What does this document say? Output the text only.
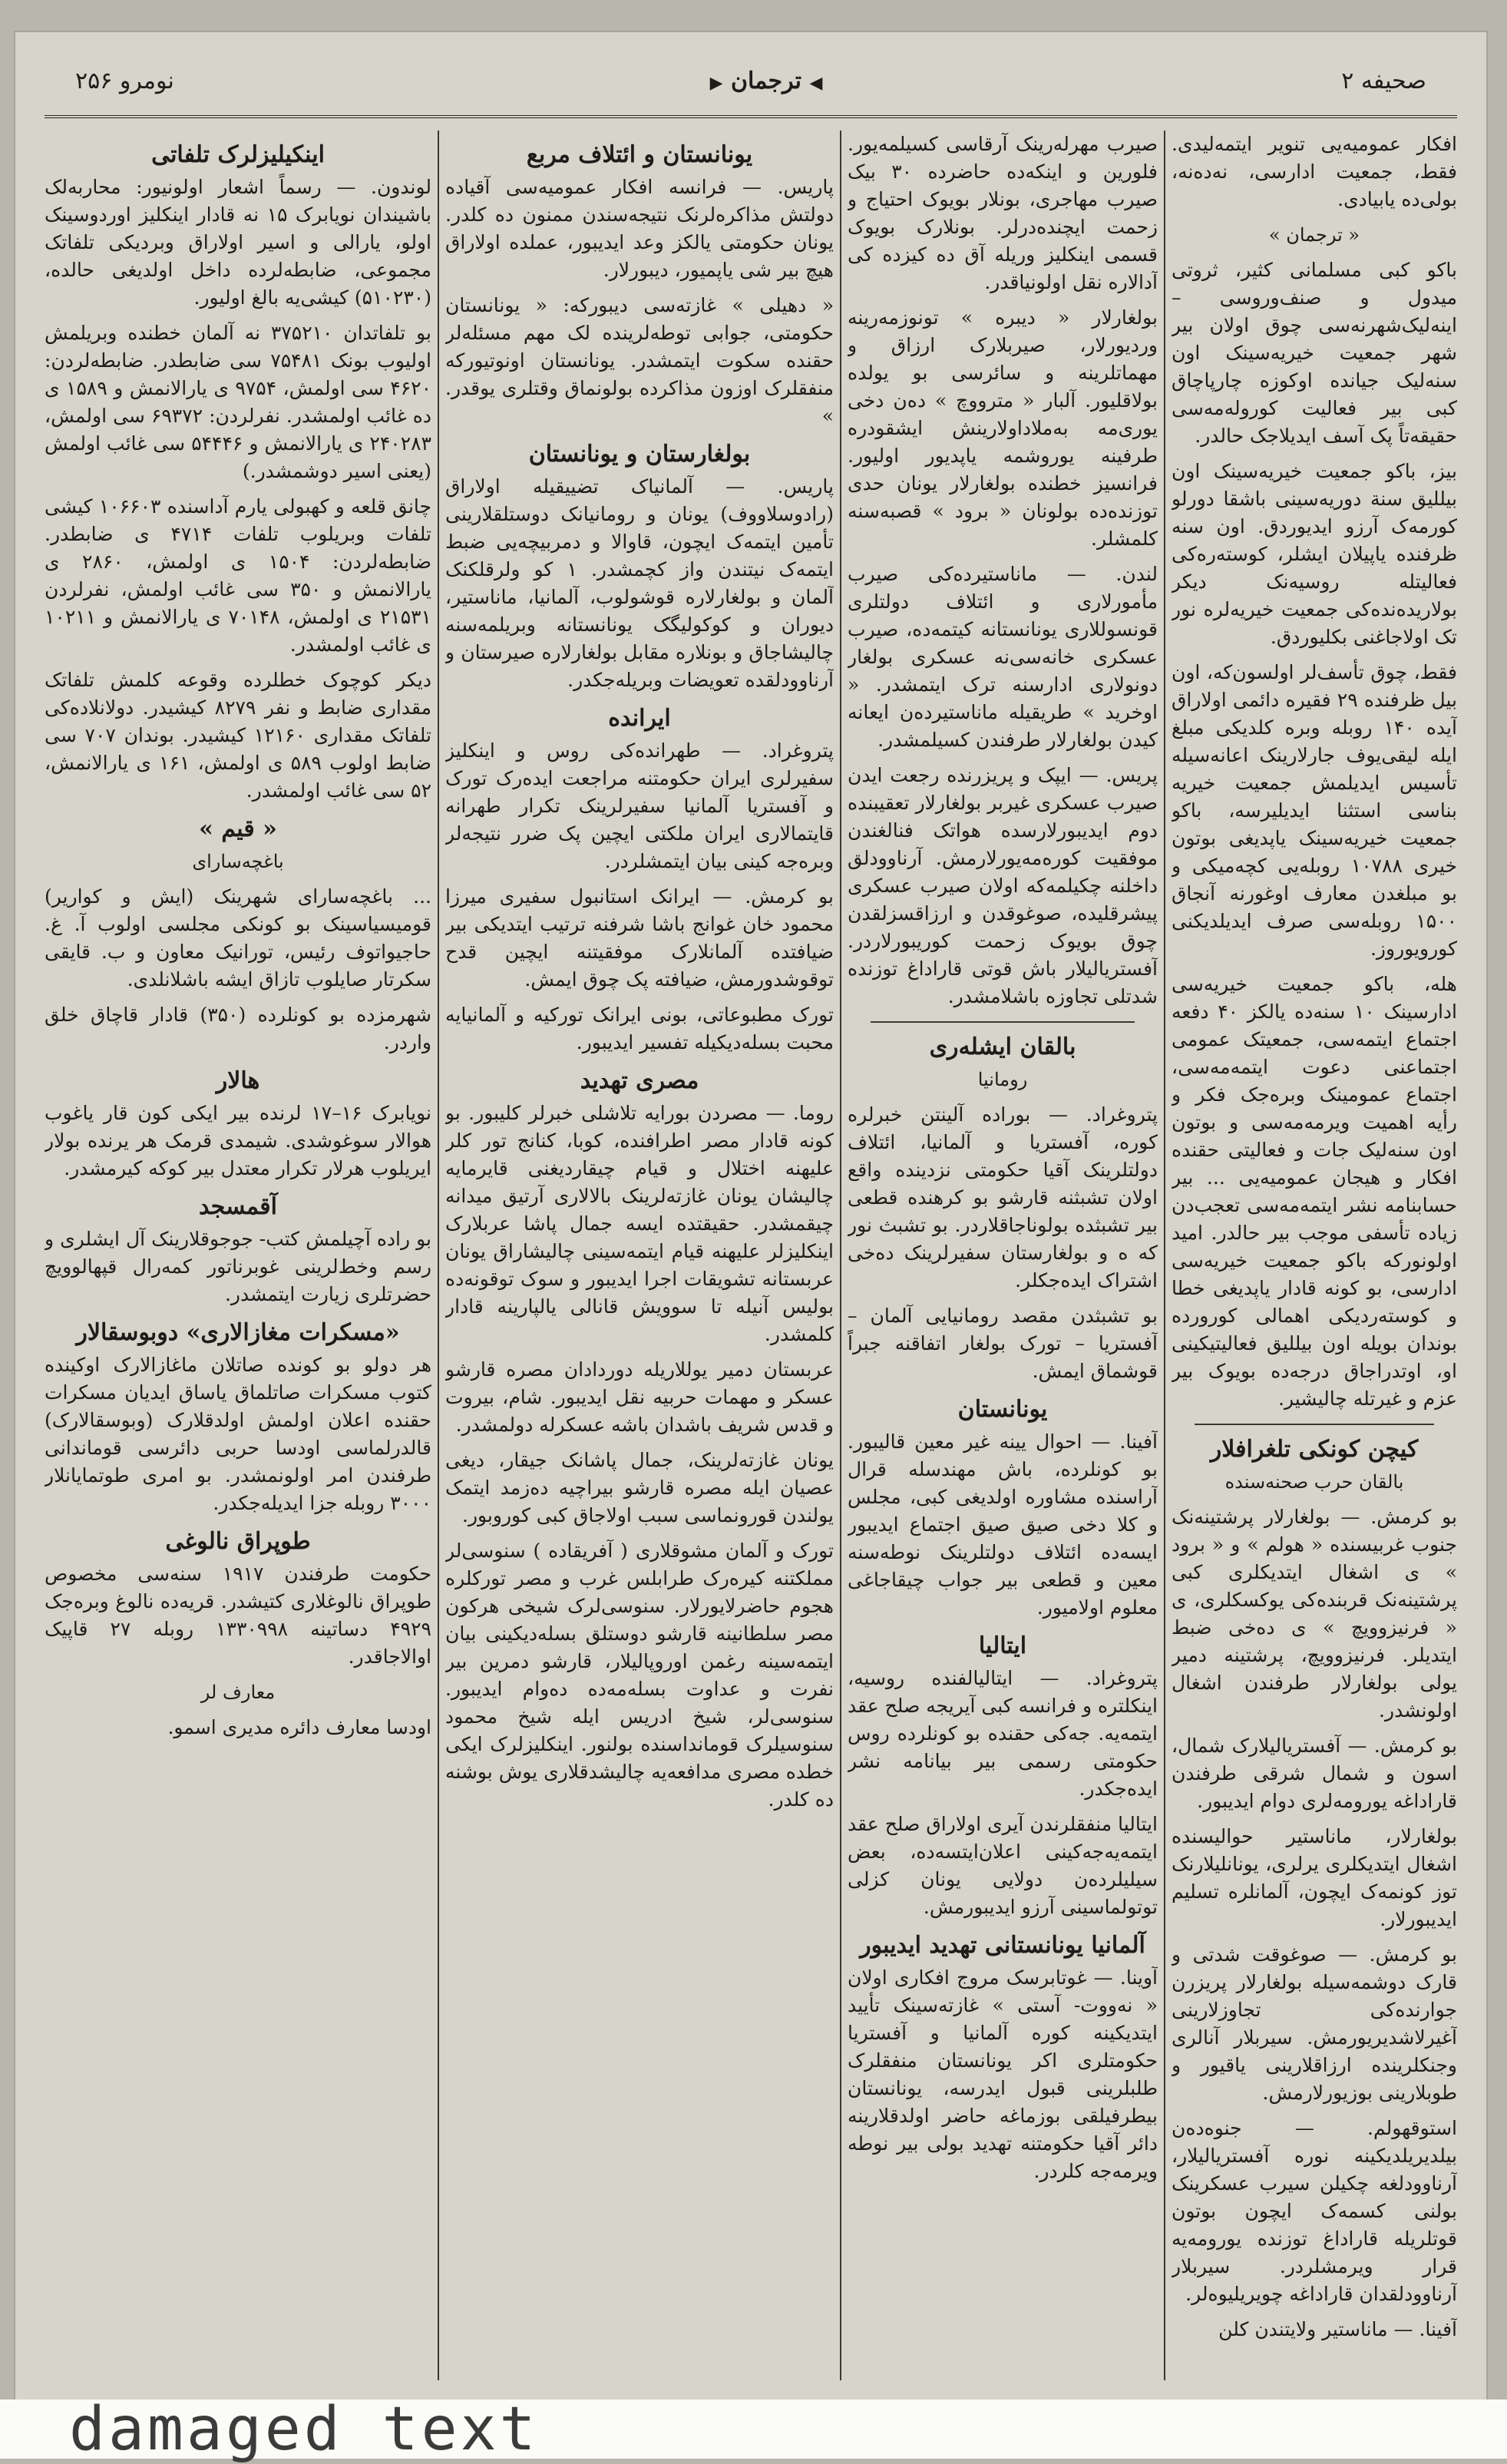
نومرو ۲۵۶	◀ ترجمان ▶	صحیفه ۲

افکار عمومیه‌یی تنویر ایتمه‌لیدی. فقط، جمعیت ادارسی، نه‌ده‌نه، بولی‌ده یابیادی.

« ترجمان »

باکو کبی مسلمانی کثیر، ثروتی میدول و صنف‌وروسی – اینه‌لیک‌شهرنه‌سی چوق اولان بیر شهر جمعیت خیریه‌سینک اون سنه‌لیک جیانده اوکوزه چارپاچاق کبی بیر فعالیت کوروله‌مه‌سی حقیقه‌تاً پک آسف ایدیلاجک حالدر.

بیز، باکو جمعیت خیریه‌سینک اون بیللیق سنة دوریه‌سینی باشقا دورلو کورمه‌ک آرزو ایدیوردق. اون سنه ظرفنده یاپیلان ایشلر، کوسته‌ره‌کی فعالیتله روسیه‌نک دیکر بولاریده‌نده‌کی جمعیت خیریه‌لره نور تک اولاجاغنی بکلیوردق.

فقط، چوق تأسف‌لر اولسون‌که، اون بیل ظرفنده ۲۹ فقیره دائمی اولاراق آیده ۱۴۰ روبله وبره کلدیکی مبلغ ایله لیقی‌یوف جارلارینک اعانه‌سیله تأسیس ایدیلمش جمعیت خیریه بناسی استثنا ایدیلیرسه، باکو جمعیت خیریه‌سینک یاپدیغی بوتون خیری ۱۰۷۸۸ روبله‌یی کچه‌میکی و بو مبلغدن معارف اوغورنه آنجاق ۱۵۰۰ روبله‌سی صرف ایدیلدیکنی کورویوروز.

هله، باکو جمعیت خیریه‌سی ادارسینک ۱۰ سنه‌ده یالکز ۴۰ دفعه اجتماع ایتمه‌سی، جمعیتک عمومی اجتماعنی دعوت ایتمه‌مه‌سی، اجتماع عمومینک وبره‌جک فکر و رأیه اهمیت ویرمه‌مه‌سی و بوتون اون سنه‌لیک جات و فعالیتی حقنده افکار و هیجان عمومیه‌یی ... بیر حسابنامه نشر ایتمه‌مه‌سی تعجب‌دن زیاده تأسفی موجب بیر حالدر. امید اولونورکه باکو جمعیت خیریه‌سی ادارسی، بو کونه قادار یاپدیغی خطا و کوسته‌ردیکی اهمالی کورورده بوندان بویله اون بیللیق فعالیتیکینی او، اوتدراجاق درجه‌ده بویوک بیر عزم و غیرتله چالیشیر.

کیچن کونکی تلغرافلار
بالقان حرب صحنه‌سنده

بو کرمش. — بولغارلار پرشتینه‌نک جنوب غربیسنده « هولم » و « برود » ی اشغال ایتدیکلری کبی پرشتینه‌نک قربنده‌کی یوکسکلری، ی « فرنیزوویچ » ی ده‌خی ضبط ایتدیلر. فرنیزوویچ، پرشتینه دمیر یولی بولغارلار طرفندن اشغال اولونشدر.

بو کرمش. — آفستریالیلارک شمال، اسون و شمال شرقی طرفندن قاراداغه یورومه‌لری دوام ایدیبور.

بولغارلار، ماناستیر حوالیسنده اشغال ایتدیکلری یرلری، یونانلیلارنک توز کونمه‌ک ایچون، آلمانلره تسلیم ایدیبورلار.

بو کرمش. — صوغوقت شدتی و قارک دوشمه‌سیله بولغارلار پریزرن جوارنده‌کی تجاوزلارینی آغیرلاشدیریورمش. سیربلار آنالری وجنکلرینده ارزاقلارینی یاقیور و طوبلارینی بوزیورلارمش.

استوقهولم. — جنوه‌ده‌ن بیلدیریلدیکینه نوره آفستریالیلار، آرناوودلغه چکیلن سیرب عسکرینک بولنی کسمه‌ک ایچون بوتون قوتلریله قاراداغ توزنده یورومه‌یه قرار ویرمشلردر. سیربلار آرناوودلقدان قاراداغه چویریلیوه‌لر.

آفینا. — ماناستیر ولایتندن کلن

صیرب مهرله‌رینک آرقاسی کسیلمه‌یور. فلورین و اینکه‌ده حاضرده ۳۰ بیک صیرب مهاجری، بونلار بویوک احتیاج و زحمت ایچنده‌درلر. بونلارک بویوک قسمی اینکلیز وریله آق ده کیزده کی آدالاره نقل اولونیاقدر.

بولغارلار « دیبره » تونوزمه‌رینه وردیورلار، صیربلارک ارزاق و مهماتلرینه و سائرسی بو یولده بولاقلیور. آلبار « مترووچ » ده‌ن دخی یوری‌مه به‌ملاداولارینش ایشقودره طرفینه یوروشمه یاپدیور اولیور. فرانسیز خطنده بولغارلار یونان حدی توزنده‌ده بولونان « برود » قصبه‌سنه کلمشلر.

لندن. — ماناستیرده‌کی صیرب مأمورلاری و ائتلاف دولتلری قونسوللاری یونانستانه کیتمه‌ده، صیرب عسکری خانه‌سی‌نه عسکری بولغار دونولاری ادارسنه ترک ایتمشدر. « اوخرید » طریقیله ماناستیرده‌ن ایعانه کیدن بولغارلار طرفندن کسیلمشدر.

پریس. — ایپک و پریزرنده رجعت ایدن صیرب عسکری غیربر بولغارلار تعقیبنده دوم ایدیبورلارسده هواتک فنالغندن موفقیت کوره‌مه‌یورلارمش. آرناوودلق داخلنه چکیلمه‌که اولان صیرب عسکری پیشرقلیده، صوغوقدن و ارزاقسزلقدن چوق بویوک زحمت کوریبورلاردر. آفستریالیلار باش قوتی قاراداغ توزنده شدتلی تجاوزه باشلامشدر.

بالقان ایشله‌ری
رومانیا

پتروغراد. — بوراده آلینتن خبرلره کوره، آفستریا و آلمانیا، ائتلاف دولتلرینک آقیا حکومتی نزدینده واقع اولان تشبثنه قارشو بو کرهنده قطعی بیر تشبثده بولوناجاقلاردر. بو تشبث نور که ه و بولغارستان سفیرلرینک ده‌خی اشتراک ایده‌جکلر.

بو تشبثدن مقصد رومانیایی آلمان – آفستریا – تورک بولغار اتفاقنه جبراً قوشماق ایمش.

یونانستان

آفینا. — احوال یینه غیر معین قالیبور. بو کونلرده، باش مهندسله قرال آراسنده مشاوره اولدیغی کبی، مجلس و کلا دخی صیق صیق اجتماع ایدیبور ایسه‌ده ائتلاف دولتلرینک نوطه‌سنه معین و قطعی بیر جواب چیقاجاغی معلوم اولامیور.

ایتالیا

پتروغراد. — ایتالیا‌لفنده روسیه، اینکلتره و فرانسه کبی آیریجه صلح عقد ایتمه‌یه. جه‌کی حقنده بو کونلرده روس حکومتی رسمی بیر بیانامه نشر ایده‌جکدر.

ایتالیا منفقلرندن آیری اولاراق صلح عقد ایتمه‌یه‌جه‌کینی اعلان‌ایتسه‌ده، بعض سیلیلرده‌ن دولایی یونان کزلی توتولماسینی آرزو ایدیبورمش.

آلمانیا یونانستانی تهدید ایدیبور

آوینا. — غوتابرسک مروج افکاری اولان « نه‌ووت- آستی » غازته‌سینک تأیید ایتدیکینه کوره آلمانیا و آفستریا حکومتلری اکر یونانستان منفقلرک طلبلرینی قبول ایدرسه، یونانستان بیطرفیلقی بوزماغه حاضر اولدقلارینه دائر آقیا حکومتنه تهدید بولی بیر نوطه ویرمه‌جه کلردر.

یونانستان و ائتلاف مربع

پاریس. — فرانسه افکار عمومیه‌سی آقیاده دولتش مذاکره‌لرنک نتیجه‌سندن ممنون ده کلدر. یونان حکومتی یالکز وعد ایدیبور، عملده اولاراق هیچ بیر شی یاپمیور، دیبورلار.

« دهیلی » غازته‌سی دیبورکه: « یونانستان حکومتی، جوابی توطه‌لرینده لک مهم مسئله‌لر حقنده سکوت ایتمشدر. یونانستان اونوتیورکه منفقلرک اوزون مذاکرده بولونماق وقتلری یوقدر. »

بولغارستان و یونانستان

پاریس. — آلمانیاک تضییقیله اولاراق (رادوسلاووف) یونان و رومانیانک دوستلقلارینی تأمین ایتمه‌ک ایچون، قاوالا و دمربیچه‌یی ضبط ایتمه‌ک نیتندن واز کچمشدر. ۱ کو ولرقلکنک آلمان و بولغارلاره قوشولوب، آلمانیا، ماناستیر، دیوران و کوکولیگک یونانستانه وبریلمه‌سنه چالیشاجاق و بونلاره مقابل بولغارلاره صیرستان و آرناوودلقده تعویضات وبریله‌جکدر.

ایرانده

پتروغراد. — طهرانده‌کی روس و اینکلیز سفیرلری ایران حکومتنه مراجعت ایده‌رک تورک و آفستریا آلمانیا سفیرلرینک تکرار طهرانه قایتمالاری ایران ملکتی ایچین پک ضرر نتیجه‌لر وبره‌جه کینی بیان ایتمشلردر.

بو کرمش. — ایرانک استانبول سفیری میرزا محمود خان غوانج باشا شرفنه ترتیب ایتدیکی بیر ضیافتده آلمانلارک موفقیتنه ایچین قدح توقوشدورمش، ضیافته پک چوق ایمش.

تورک مطبوعاتی، بونی ایرانک تورکیه و آلمانیایه محبت بسله‌دیکیله تفسیر ایدیبور.

مصری تهدید

روما. — مصردن بورایه تلاشلی خبرلر کلیبور. بو کونه قادار مصر اطرافنده، کوبا، کنانج تور کلر علیهنه اختلال و قیام چیقاردیغنی قایرمایه چالیشان یونان غازته‌لرینک بالالاری آرتیق میدانه چیقمشدر. حقیقتده ایسه جمال پاشا عربلارک اینکلیزلر علیهنه قیام ایتمه‌سینی چالیشاراق یونان عربستانه تشویقات اجرا ایدیبور و سوک توقونه‌ده بولیس آنیله تا سوویش قانالی یالپارینه قادار کلمشدر.

عربستان دمیر یوللاریله دوردادان مصره قارشو عسکر و مهمات حربیه نقل ایدیبور. شام، بیروت و قدس شریف باشدان باشه عسکرله دولمشدر.

یونان غازته‌لرینک، جمال پاشانک جیقار، دیغی عصیان ایله مصره قارشو بیراچیه ده‌زمد ایتمک یولندن قورونماسی سبب اولاجاق کبی کوروبور.

تورک و آلمان مشوقلاری ( آفریقاده ) سنوسی‌لر مملکتنه کیره‌رک طرابلس غرب و مصر تورکلره هجوم حاضرلایورلار. سنوسی‌لرک شیخی هرکون مصر سلطانینه قارشو دوستلق بسله‌دیکینی بیان ایتمه‌سینه رغمن اوروپالیلار، قارشو دمرین بیر نفرت و عداوت بسله‌مه‌ده ده‌وام ایدیبور. سنوسی‌لر، شیخ ادریس ایله شیخ محمود سنوسیلرک قومانداسنده بولنور. اینکلیزلرک ایکی خطده مصری مدافعه‌یه چالیشدقلاری یوش بوشنه ده کلدر.

اینکیلیزلرک تلفاتی

لوندون. — رسماً اشعار اولونیور: محاربه‌لک باشیندان نویابرک ۱۵ نه قادار اینکلیز اوردوسینک اولو، یارالی و اسیر اولاراق وبردیکی تلفاتک مجموعی، ضابطه‌لرده داخل اولدیغی حالده، (۵۱۰۲۳۰) کیشی‌یه بالغ اولیور.

بو تلفاتدان ۳۷۵۲۱۰ نه آلمان خطنده وبریلمش اولیوب بونک ۷۵۴۸۱ سی ضابطدر. ضابطه‌لردن: ۴۶۲۰ سی اولمش، ۹۷۵۴ ی یارالانمش و ۱۵۸۹ ی ده غائب اولمشدر. نفرلردن: ۶۹۳۷۲ سی اولمش، ۲۴۰۲۸۳ ی یارالانمش و ۵۴۴۴۶ سی غائب اولمش (یعنی اسیر دوشمشدر.)

چانق قلعه و کهبولی یارم آداسنده ۱۰۶۶۰۳ کیشی تلفات وبریلوب تلفات ۴۷۱۴ ی ضابطدر. ضابطه‌لردن: ۱۵۰۴ ی اولمش، ۲۸۶۰ ی یارالانمش و ۳۵۰ سی غائب اولمش، نفرلردن ۲۱۵۳۱ ی اولمش، ۷۰۱۴۸ ی یارالانمش و ۱۰۲۱۱ ی غائب اولمشدر.

دیکر کوچوک خطلرده وقوعه کلمش تلفاتک مقداری ضابط و نفر ۸۲۷۹ کیشیدر. دولانلاده‌کی تلفاتک مقداری ۱۲۱۶۰ کیشیدر. بوندان ۷۰۷ سی ضابط اولوب ۵۸۹ ی اولمش، ۱۶۱ ی یارالانمش، ۵۲ سی غائب اولمشدر.

« قیم »
باغچه‌سارای

... باغچه‌سارای شهرینک (ایش و کواریر) قومیسیاسینک بو کونکی مجلسی اولوب آ. غ. حاجیواتوف رئیس، تورانیک معاون و ب. قایقی سکرتار صایلوب تازاق ایشه باشلانلدی.

شهرمزده بو کونلرده (۳۵۰) قادار قاچاق خلق واردر.

هالار

نویابرک ۱۶–۱۷ لرنده بیر ایکی کون قار یاغوب هوالار سوغوشدی. شیمدی قرمک هر یرنده بولار ایریلوب هرلار تکرار معتدل بیر کوکه کیرمشدر.

آقمسجد

بو راده آچیلمش کتب- جوجوقلارینک آل ایشلری و رسم وخط‌لرینی غوبرناتور کمه‌رال قپهالوویچ حضرتلری زیارت ایتمشدر.

«مسکرات مغازالاری» دوبوسقالار

هر دولو بو کونده صاتلان ماغازالارک اوکینده کتوب مسکرات صاتلماق یاساق ایدیان مسکرات حقنده اعلان اولمش اولدقلارک (وبوسقالارک) قالدرلماسی اودسا حربی دائرسی قوماندانی طرفندن امر اولونمشدر. بو امری طوتمایانلار ۳۰۰۰ روبله جزا ایدیله‌جکدر.

طوپراق نالوغی

حکومت طرفندن ۱۹۱۷ سنه‌سی مخصوص طوپراق نالوغلاری کتیشدر. قریه‌ده نالوغ وبره‌جک ۴۹۲۹ دساتینه ۱۳۳۰۹۹۸ روبله ۲۷ قاپیک اوالاجاقدر.

معارف لر

اودسا معارف دائره مدیری اسمو.

damaged text
